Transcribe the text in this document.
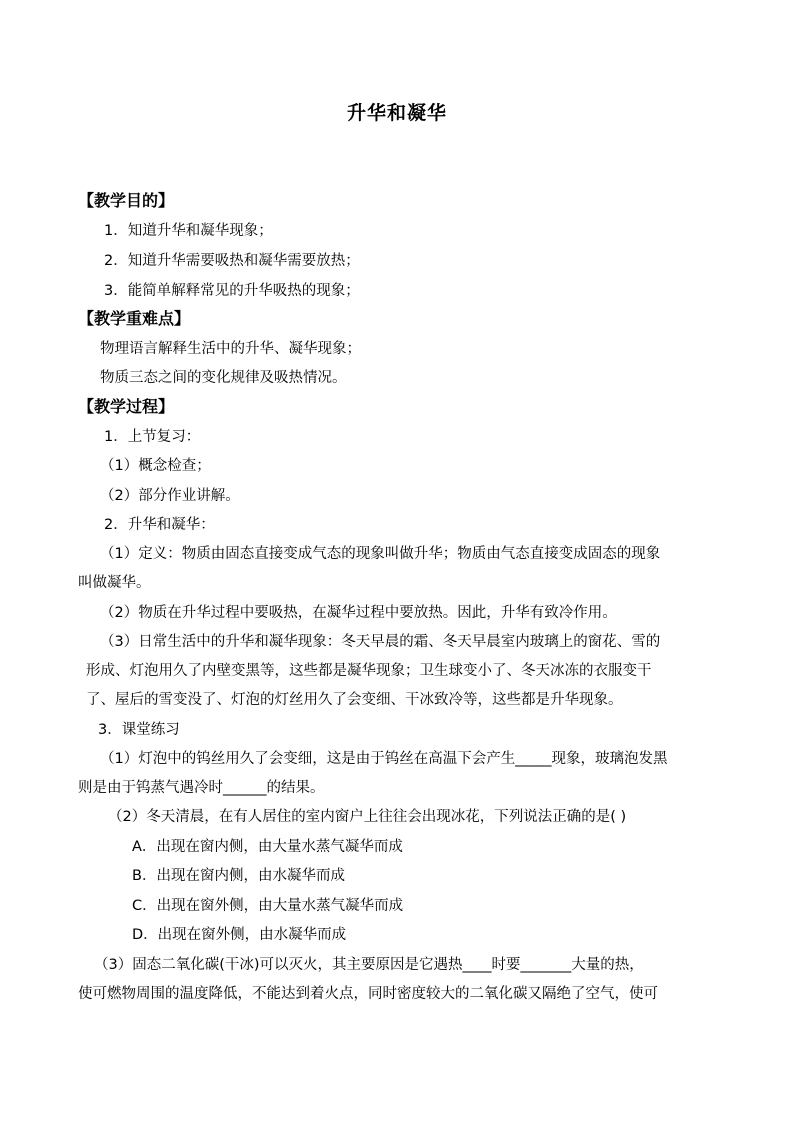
升华和凝华
【教学目的】
1．知道升华和凝华现象；
2．知道升华需要吸热和凝华需要放热；
3．能简单解释常见的升华吸热的现象；
【教学重难点】
物理语言解释生活中的升华、凝华现象；
物质三态之间的变化规律及吸热情况。
【教学过程】
1．上节复习：
（1）概念检查；
（2）部分作业讲解。
2．升华和凝华：
（1）定义：物质由固态直接变成气态的现象叫做升华；物质由气态直接变成固态的现象
叫做凝华。
（2）物质在升华过程中要吸热，在凝华过程中要放热。因此，升华有致冷作用。
（3）日常生活中的升华和凝华现象：冬天早晨的霜、冬天早晨室内玻璃上的窗花、雪的
形成、灯泡用久了内壁变黑等，这些都是凝华现象；卫生球变小了、冬天冰冻的衣服变干
了、屋后的雪变没了、灯泡的灯丝用久了会变细、干冰致冷等，这些都是升华现象。
3．课堂练习
（1）灯泡中的钨丝用久了会变细，这是由于钨丝在高温下会产生_____现象，玻璃泡发黑
则是由于钨蒸气遇冷时______的结果。
（2）冬天清晨，在有人居住的室内窗户上往往会出现冰花，下列说法正确的是( )
A．出现在窗内侧，由大量水蒸气凝华而成
B．出现在窗内侧，由水凝华而成
C．出现在窗外侧，由大量水蒸气凝华而成
D．出现在窗外侧，由水凝华而成
（3）固态二氧化碳(干冰)可以灭火，其主要原因是它遇热____时要_______大量的热，
使可燃物周围的温度降低，不能达到着火点，同时密度较大的二氧化碳又隔绝了空气，使可
